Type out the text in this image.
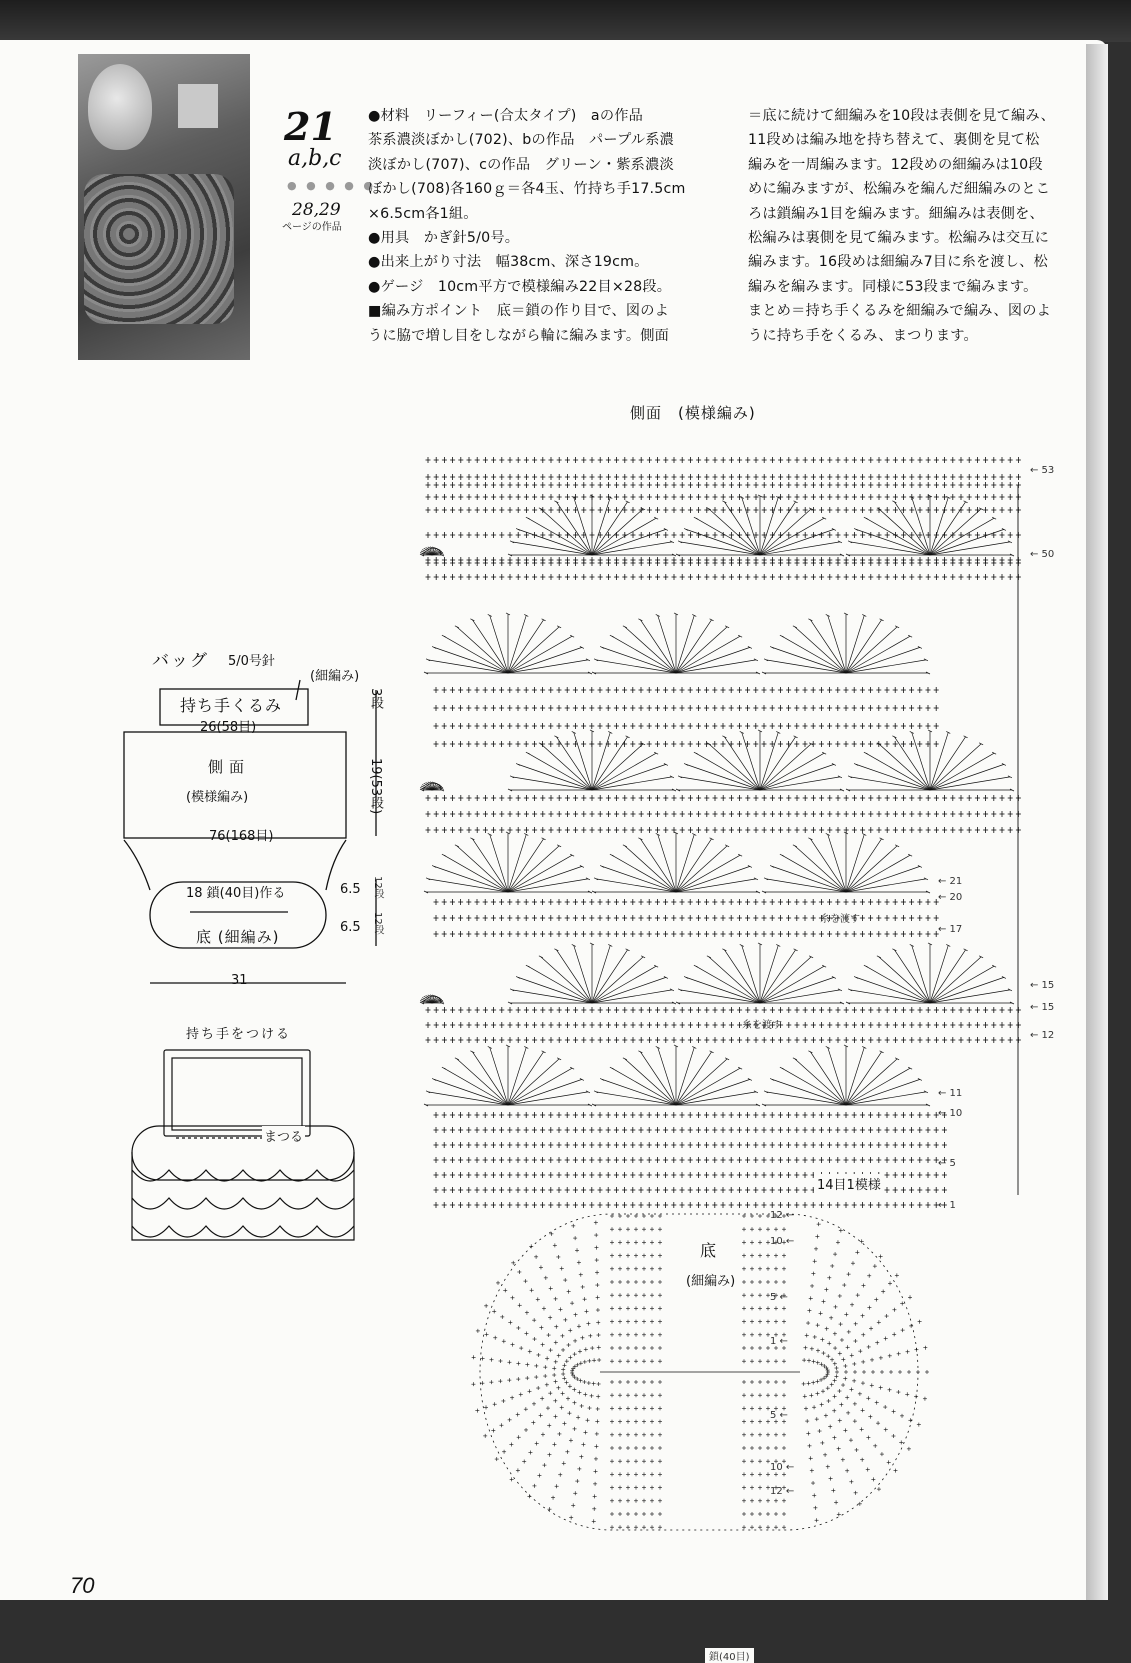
21
a,b,c
● ● ● ● ●
28,29
ページの作品
●材料　リーフィー(合太タイプ)　aの作品
茶系濃淡ぼかし(702)、bの作品　パープル系濃
淡ぼかし(707)、cの作品　グリーン・紫系濃淡
ぼかし(708)各160ｇ＝各4玉、竹持ち手17.5cm
×6.5cm各1組。
●用具　かぎ針5/0号。
●出来上がり寸法　幅38cm、深さ19cm。
●ゲージ　10cm平方で模様編み22目×28段。
■編み方ポイント　底＝鎖の作り目で、図のよ
うに脇で増し目をしながら輪に編みます。側面
＝底に続けて細編みを10段は表側を見て編み、
11段めは編み地を持ち替えて、裏側を見て松
編みを一周編みます。12段めの細編みは10段
めに編みますが、松編みを編んだ細編みのとこ
ろは鎖編み1目を編みます。細編みは表側を、
松編みは裏側を見て編みます。松編みは交互に
編みます。16段めは細編み7目に糸を渡し、松
編みを編みます。同様に53段まで編みます。
まとめ＝持ち手くるみを細編みで編み、図のよ
うに持ち手をくるみ、まつります。
バッグ 5/0号針
(細編み)
持ち手くるみ
26(58目)
側面
(模様編み)
76(168目)
3段
19(53段)
18 鎖(40目)作る
底 (細編み)
6.5
6.5
12段
12段
31
持ち手をつける
まつる
側面　(模様編み)
糸を渡す
糸を渡す
14目1模様
← 53
← 50
← 21
← 20
← 17
← 15
← 15
← 12
← 11
← 10
← 5
← 1
底
(細編み)
鎖(40目)
12 ←
10 ←
5 ←
1 ←
5 ←
10 ←
12 ←
70
